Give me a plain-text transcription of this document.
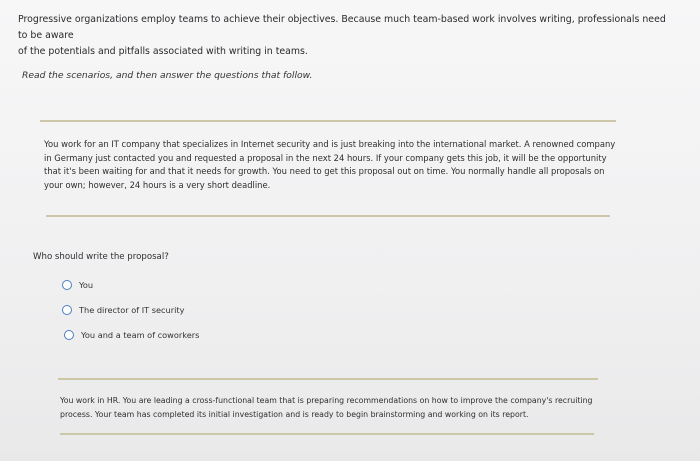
Progressive organizations employ teams to achieve their objectives. Because much team-based work involves writing, professionals need to be aware
of the potentials and pitfalls associated with writing in teams.
Read the scenarios, and then answer the questions that follow.
You work for an IT company that specializes in Internet security and is just breaking into the international market. A renowned company
in Germany just contacted you and requested a proposal in the next 24 hours. If your company gets this job, it will be the opportunity
that it's been waiting for and that it needs for growth. You need to get this proposal out on time. You normally handle all proposals on
your own; however, 24 hours is a very short deadline.
Who should write the proposal?
You
The director of IT security
You and a team of coworkers
You work in HR. You are leading a cross-functional team that is preparing recommendations on how to improve the company's recruiting
process. Your team has completed its initial investigation and is ready to begin brainstorming and working on its report.
